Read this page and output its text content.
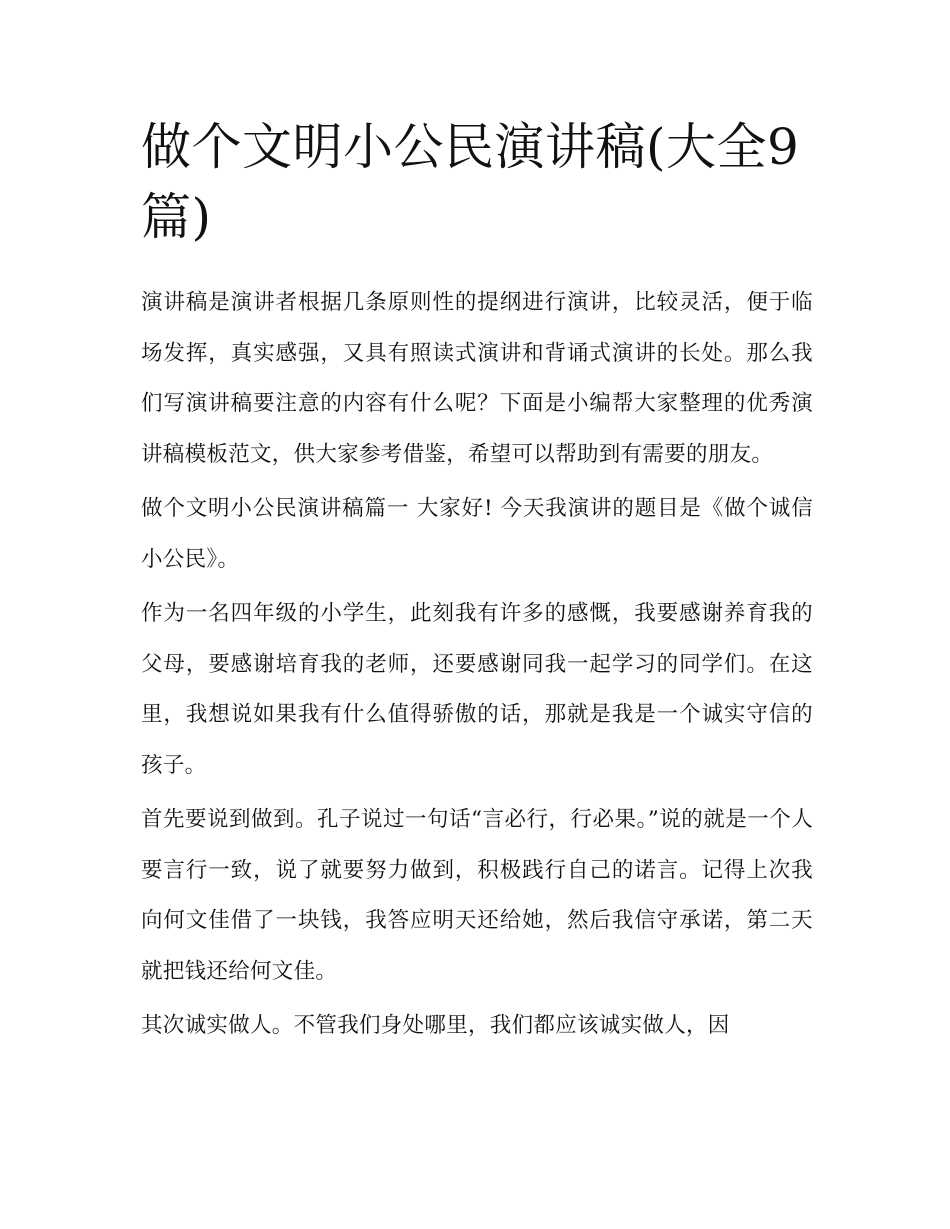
做个文明小公民演讲稿(大全9篇)

演讲稿是演讲者根据几条原则性的提纲进行演讲，比较灵活，便于临场发挥，真实感强，又具有照读式演讲和背诵式演讲的长处。那么我们写演讲稿要注意的内容有什么呢？下面是小编帮大家整理的优秀演讲稿模板范文，供大家参考借鉴，希望可以帮助到有需要的朋友。

做个文明小公民演讲稿篇一 大家好! 今天我演讲的题目是《做个诚信小公民》。

作为一名四年级的小学生，此刻我有许多的感慨，我要感谢养育我的父母，要感谢培育我的老师，还要感谢同我一起学习的同学们。在这里，我想说如果我有什么值得骄傲的话，那就是我是一个诚实守信的孩子。

首先要说到做到。孔子说过一句话“言必行，行必果。”说的就是一个人要言行一致，说了就要努力做到，积极践行自己的诺言。记得上次我向何文佳借了一块钱，我答应明天还给她，然后我信守承诺，第二天就把钱还给何文佳。

其次诚实做人。不管我们身处哪里，我们都应该诚实做人，因
